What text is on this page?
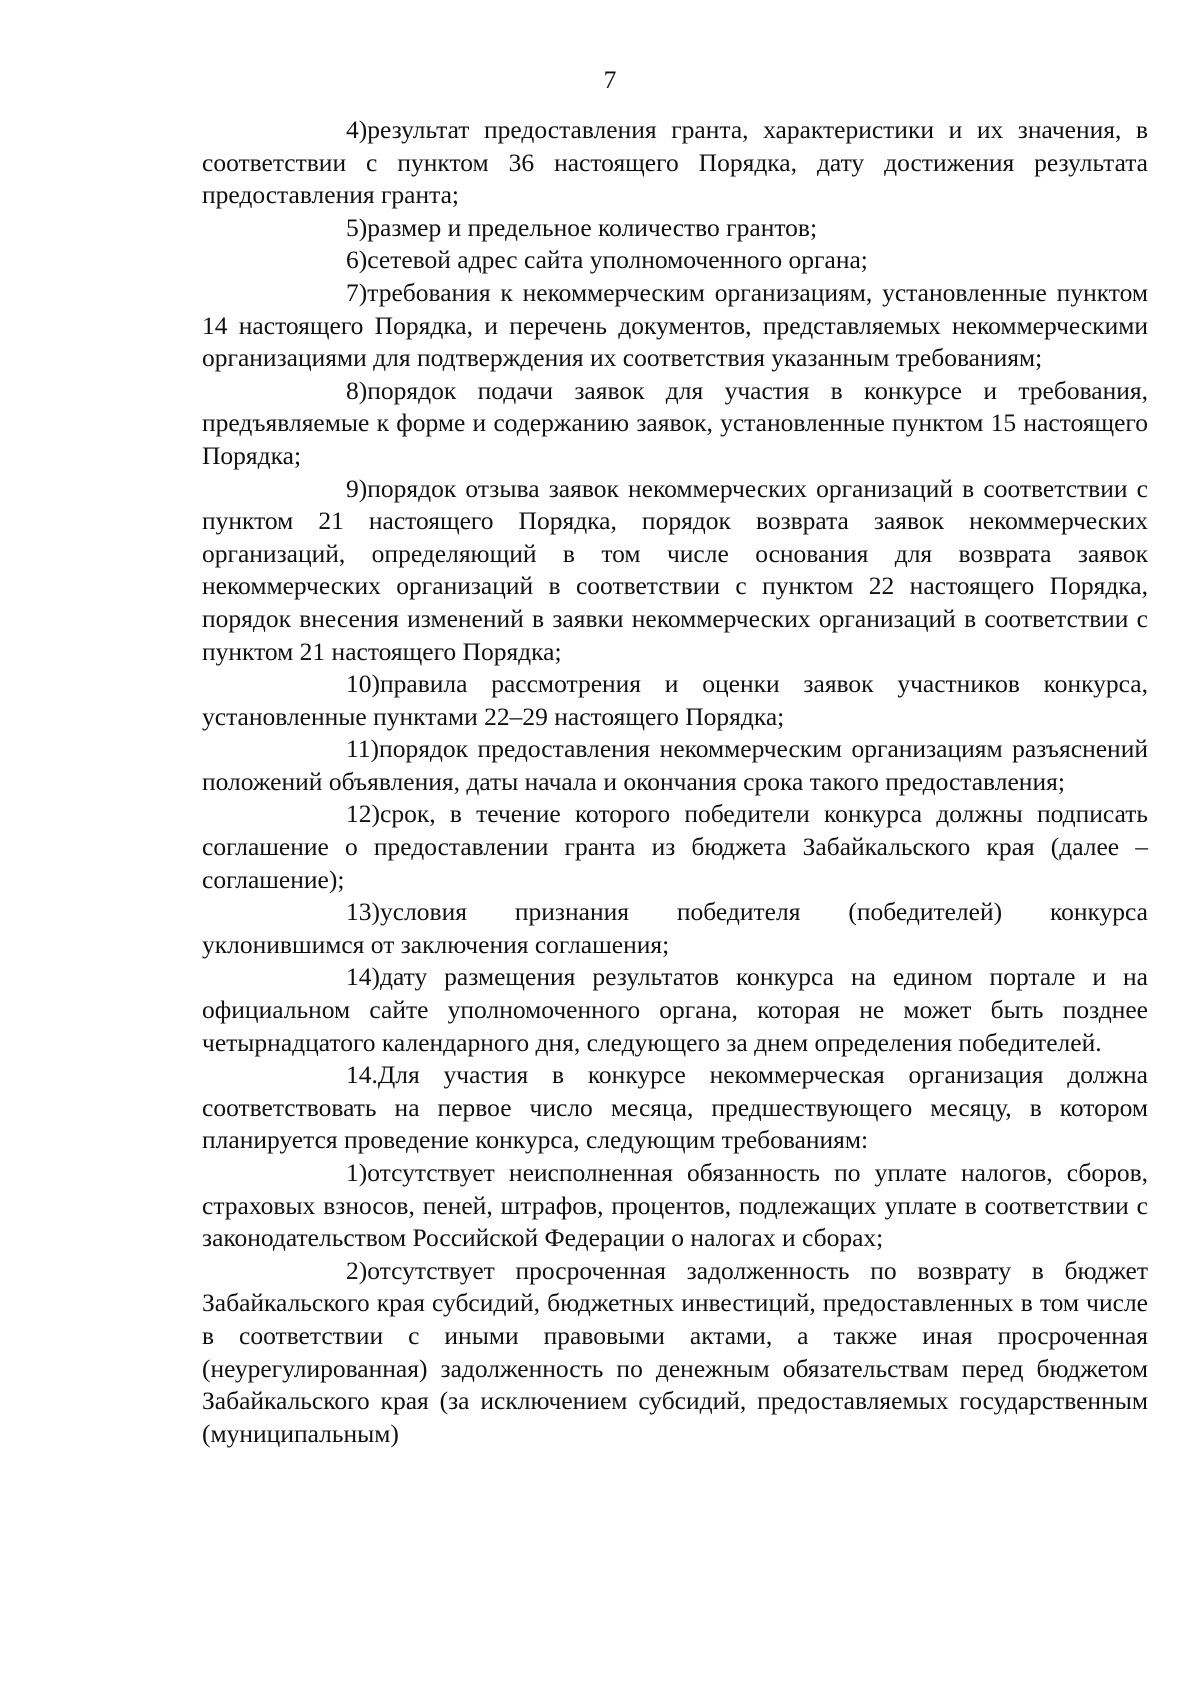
7

4)результат предоставления гранта, характеристики и их значения, в соответствии с пунктом 36 настоящего Порядка, дату достижения результата предоставления гранта;

5)размер и предельное количество грантов;

6)сетевой адрес сайта уполномоченного органа;

7)требования к некоммерческим организациям, установленные пунктом 14 настоящего Порядка, и перечень документов, представляемых некоммерческими организациями для подтверждения их соответствия указанным требованиям;

8)порядок подачи заявок для участия в конкурсе и требования, предъявляемые к форме и содержанию заявок, установленные пунктом 15 настоящего Порядка;

9)порядок отзыва заявок некоммерческих организаций в соответствии с пунктом 21 настоящего Порядка, порядок возврата заявок некоммерческих организаций, определяющий в том числе основания для возврата заявок некоммерческих организаций в соответствии с пунктом 22 настоящего Порядка, порядок внесения изменений в заявки некоммерческих организаций в соответствии с пунктом 21 настоящего Порядка;

10)правила рассмотрения и оценки заявок участников конкурса, установленные пунктами 22–29 настоящего Порядка;

11)порядок предоставления некоммерческим организациям разъяснений положений объявления, даты начала и окончания срока такого предоставления;

12)срок, в течение которого победители конкурса должны подписать соглашение о предоставлении гранта из бюджета Забайкальского края (далее – соглашение);

13)условия признания победителя (победителей) конкурса уклонившимся от заключения соглашения;

14)дату размещения результатов конкурса на едином портале и на официальном сайте уполномоченного органа, которая не может быть позднее четырнадцатого календарного дня, следующего за днем определения победителей.

14.Для участия в конкурсе некоммерческая организация должна соответствовать на первое число месяца, предшествующего месяцу, в котором планируется проведение конкурса, следующим требованиям:

1)отсутствует неисполненная обязанность по уплате налогов, сборов, страховых взносов, пеней, штрафов, процентов, подлежащих уплате в соответствии с законодательством Российской Федерации о налогах и сборах;

2)отсутствует просроченная задолженность по возврату в бюджет Забайкальского края субсидий, бюджетных инвестиций, предоставленных в том числе в соответствии с иными правовыми актами, а также иная просроченная (неурегулированная) задолженность по денежным обязательствам перед бюджетом Забайкальского края (за исключением субсидий, предоставляемых государственным (муниципальным)
